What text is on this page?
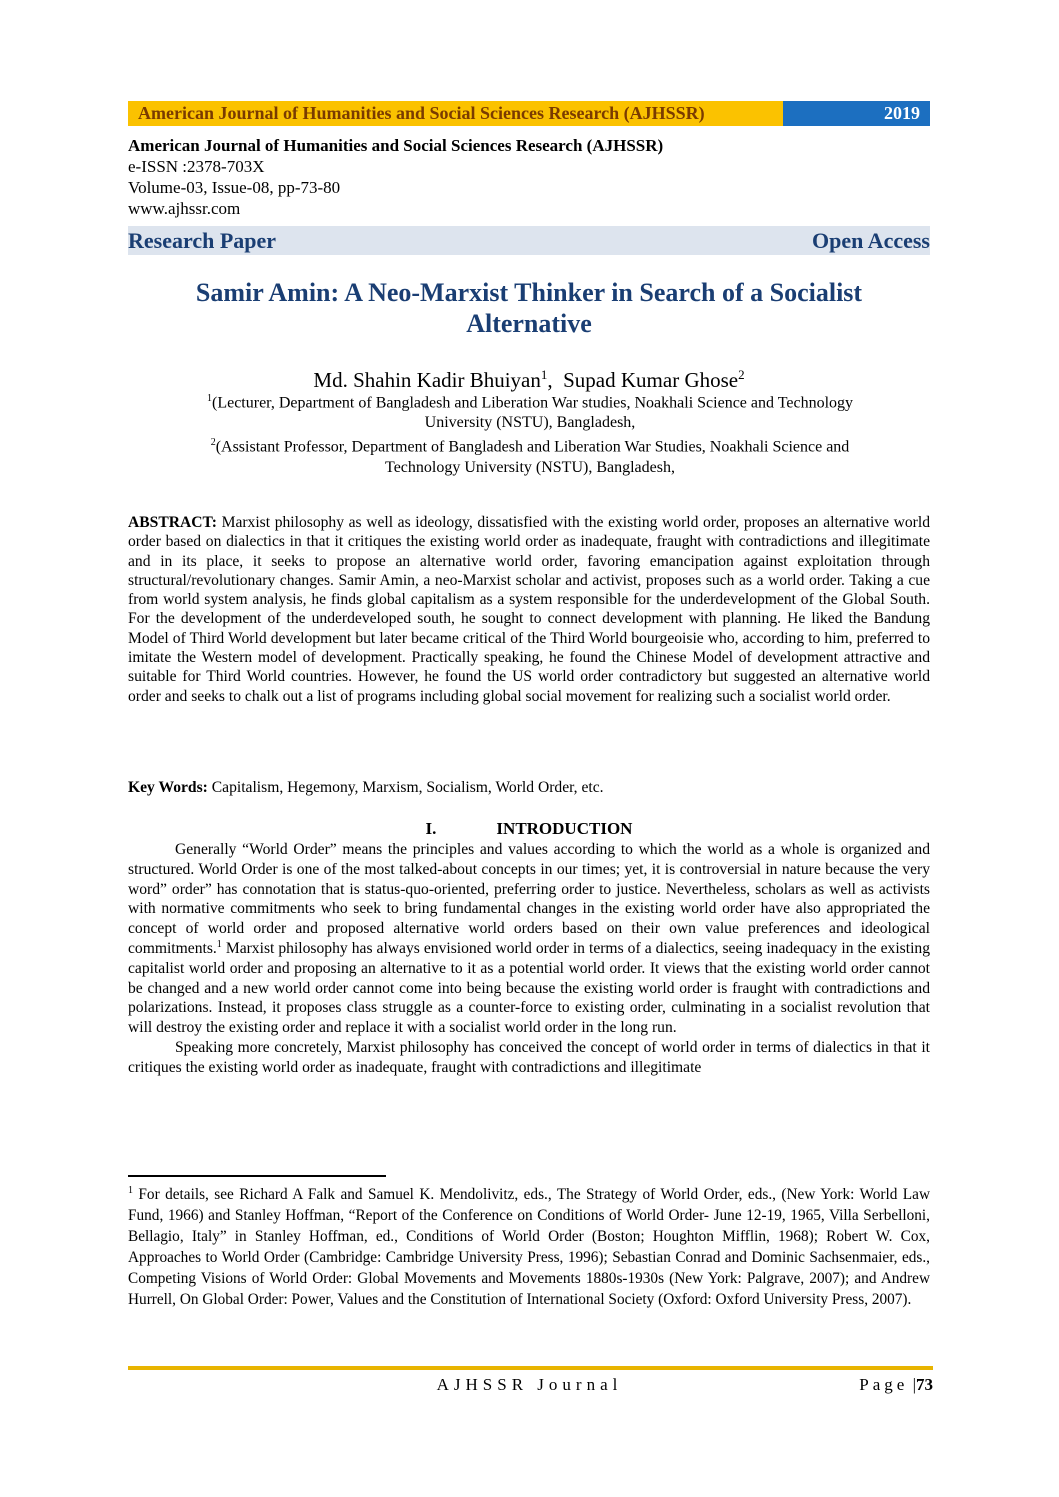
American Journal of Humanities and Social Sciences Research (AJHSSR)	2019
American Journal of Humanities and Social Sciences Research (AJHSSR)
e-ISSN :2378-703X
Volume-03, Issue-08, pp-73-80
www.ajhssr.com
Research Paper	Open Access
Samir Amin: A Neo-Marxist Thinker in Search of a Socialist
Alternative
Md. Shahin Kadir Bhuiyan$^1$,  Supad Kumar Ghose$^2$
$^1$(Lecturer, Department of Bangladesh and Liberation War studies, Noakhali Science and Technology
University (NSTU), Bangladesh,
$^2$(Assistant Professor, Department of Bangladesh and Liberation War Studies, Noakhali Science and
Technology University (NSTU), Bangladesh,
ABSTRACT: Marxist philosophy as well as ideology, dissatisfied with the existing world order, proposes an alternative world order based on dialectics in that it critiques the existing world order as inadequate, fraught with contradictions and illegitimate and in its place, it seeks to propose an alternative world order, favoring emancipation against exploitation through structural/revolutionary changes. Samir Amin, a neo-Marxist scholar and activist, proposes such as a world order. Taking a cue from world system analysis, he finds global capitalism as a system responsible for the underdevelopment of the Global South. For the development of the underdeveloped south, he sought to connect development with planning. He liked the Bandung Model of Third World development but later became critical of the Third World bourgeoisie who, according to him, preferred to imitate the Western model of development. Practically speaking, he found the Chinese Model of development attractive and suitable for Third World countries. However, he found the US world order contradictory but suggested an alternative world order and seeks to chalk out a list of programs including global social movement for realizing such a socialist world order.
Key Words: Capitalism, Hegemony, Marxism, Socialism, World Order, etc.
I.	INTRODUCTION

Generally “World Order” means the principles and values according to which the world as a whole is organized and structured. World Order is one of the most talked-about concepts in our times; yet, it is controversial in nature because the very word” order” has connotation that is status-quo-oriented, preferring order to justice. Nevertheless, scholars as well as activists with normative commitments who seek to bring fundamental changes in the existing world order have also appropriated the concept of world order and proposed alternative world orders based on their own value preferences and ideological commitments.$^1$ Marxist philosophy has always envisioned world order in terms of a dialectics, seeing inadequacy in the existing capitalist world order and proposing an alternative to it as a potential world order. It views that the existing world order cannot be changed and a new world order cannot come into being because the existing world order is fraught with contradictions and polarizations. Instead, it proposes class struggle as a counter-force to existing order, culminating in a socialist revolution that will destroy the existing order and replace it with a socialist world order in the long run.

Speaking more concretely, Marxist philosophy has conceived the concept of world order in terms of dialectics in that it critiques the existing world order as inadequate, fraught with contradictions and illegitimate

$^1$ For details, see Richard A Falk and Samuel K. Mendolivitz, eds., The Strategy of World Order, eds., (New York: World Law Fund, 1966) and Stanley Hoffman, “Report of the Conference on Conditions of World Order- June 12-19, 1965, Villa Serbelloni, Bellagio, Italy” in Stanley Hoffman, ed., Conditions of World Order (Boston; Houghton Mifflin, 1968); Robert W. Cox, Approaches to World Order (Cambridge: Cambridge University Press, 1996); Sebastian Conrad and Dominic Sachsenmaier, eds., Competing Visions of World Order: Global Movements and Movements 1880s-1930s (New York: Palgrave, 2007); and Andrew Hurrell, On Global Order: Power, Values and the Constitution of International Society (Oxford: Oxford University Press, 2007).
AJHSSR Journal	Page |73
